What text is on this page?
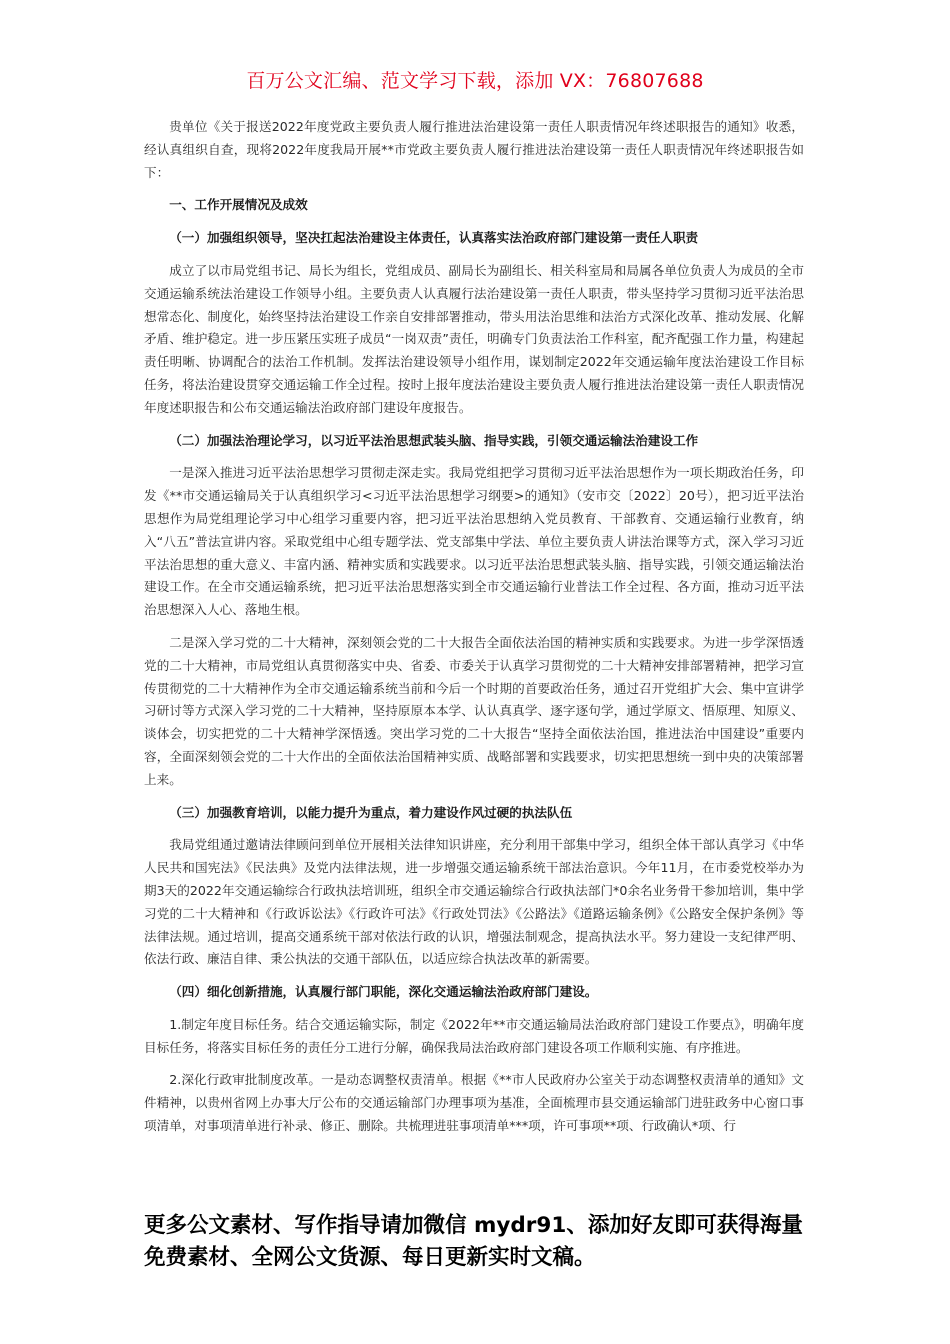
百万公文汇编、范文学习下载，添加 VX：76807688

贵单位《关于报送2022年度党政主要负责人履行推进法治建设第一责任人职责情况年终述职报告的通知》收悉，经认真组织自查，现将2022年度我局开展**市党政主要负责人履行推进法治建设第一责任人职责情况年终述职报告如下：

一、工作开展情况及成效

（一）加强组织领导，坚决扛起法治建设主体责任，认真落实法治政府部门建设第一责任人职责

成立了以市局党组书记、局长为组长，党组成员、副局长为副组长、相关科室局和局属各单位负责人为成员的全市交通运输系统法治建设工作领导小组。主要负责人认真履行法治建设第一责任人职责，带头坚持学习贯彻习近平法治思想常态化、制度化，始终坚持法治建设工作亲自安排部署推动，带头用法治思维和法治方式深化改革、推动发展、化解矛盾、维护稳定。进一步压紧压实班子成员“一岗双责”责任，明确专门负责法治工作科室，配齐配强工作力量，构建起责任明晰、协调配合的法治工作机制。发挥法治建设领导小组作用，谋划制定2022年交通运输年度法治建设工作目标任务，将法治建设贯穿交通运输工作全过程。按时上报年度法治建设主要负责人履行推进法治建设第一责任人职责情况年度述职报告和公布交通运输法治政府部门建设年度报告。

（二）加强法治理论学习，以习近平法治思想武装头脑、指导实践，引领交通运输法治建设工作

一是深入推进习近平法治思想学习贯彻走深走实。我局党组把学习贯彻习近平法治思想作为一项长期政治任务，印发《**市交通运输局关于认真组织学习<习近平法治思想学习纲要>的通知》（安市交〔2022〕20号），把习近平法治思想作为局党组理论学习中心组学习重要内容，把习近平法治思想纳入党员教育、干部教育、交通运输行业教育，纳入“八五”普法宣讲内容。采取党组中心组专题学法、党支部集中学法、单位主要负责人讲法治课等方式，深入学习习近平法治思想的重大意义、丰富内涵、精神实质和实践要求。以习近平法治思想武装头脑、指导实践，引领交通运输法治建设工作。在全市交通运输系统，把习近平法治思想落实到全市交通运输行业普法工作全过程、各方面，推动习近平法治思想深入人心、落地生根。

二是深入学习党的二十大精神，深刻领会党的二十大报告全面依法治国的精神实质和实践要求。为进一步学深悟透党的二十大精神，市局党组认真贯彻落实中央、省委、市委关于认真学习贯彻党的二十大精神安排部署精神，把学习宣传贯彻党的二十大精神作为全市交通运输系统当前和今后一个时期的首要政治任务，通过召开党组扩大会、集中宣讲学习研讨等方式深入学习党的二十大精神，坚持原原本本学、认认真真学、逐字逐句学，通过学原文、悟原理、知原义、谈体会，切实把党的二十大精神学深悟透。突出学习党的二十大报告“坚持全面依法治国，推进法治中国建设”重要内容，全面深刻领会党的二十大作出的全面依法治国精神实质、战略部署和实践要求，切实把思想统一到中央的决策部署上来。

（三）加强教育培训，以能力提升为重点，着力建设作风过硬的执法队伍

我局党组通过邀请法律顾问到单位开展相关法律知识讲座，充分利用干部集中学习，组织全体干部认真学习《中华人民共和国宪法》《民法典》及党内法律法规，进一步增强交通运输系统干部法治意识。今年11月，在市委党校举办为期3天的2022年交通运输综合行政执法培训班，组织全市交通运输综合行政执法部门*0余名业务骨干参加培训，集中学习党的二十大精神和《行政诉讼法》《行政许可法》《行政处罚法》《公路法》《道路运输条例》《公路安全保护条例》等法律法规。通过培训，提高交通系统干部对依法行政的认识，增强法制观念，提高执法水平。努力建设一支纪律严明、依法行政、廉洁自律、秉公执法的交通干部队伍，以适应综合执法改革的新需要。

（四）细化创新措施，认真履行部门职能，深化交通运输法治政府部门建设。

1.制定年度目标任务。结合交通运输实际，制定《2022年**市交通运输局法治政府部门建设工作要点》，明确年度目标任务，将落实目标任务的责任分工进行分解，确保我局法治政府部门建设各项工作顺利实施、有序推进。

2.深化行政审批制度改革。一是动态调整权责清单。根据《**市人民政府办公室关于动态调整权责清单的通知》文件精神，以贵州省网上办事大厅公布的交通运输部门办理事项为基准，全面梳理市县交通运输部门进驻政务中心窗口事项清单，对事项清单进行补录、修正、删除。共梳理进驻事项清单***项，许可事项**项、行政确认*项、行

更多公文素材、写作指导请加微信 mydr91、添加好友即可获得海量免费素材、全网公文货源、每日更新实时文稿。
